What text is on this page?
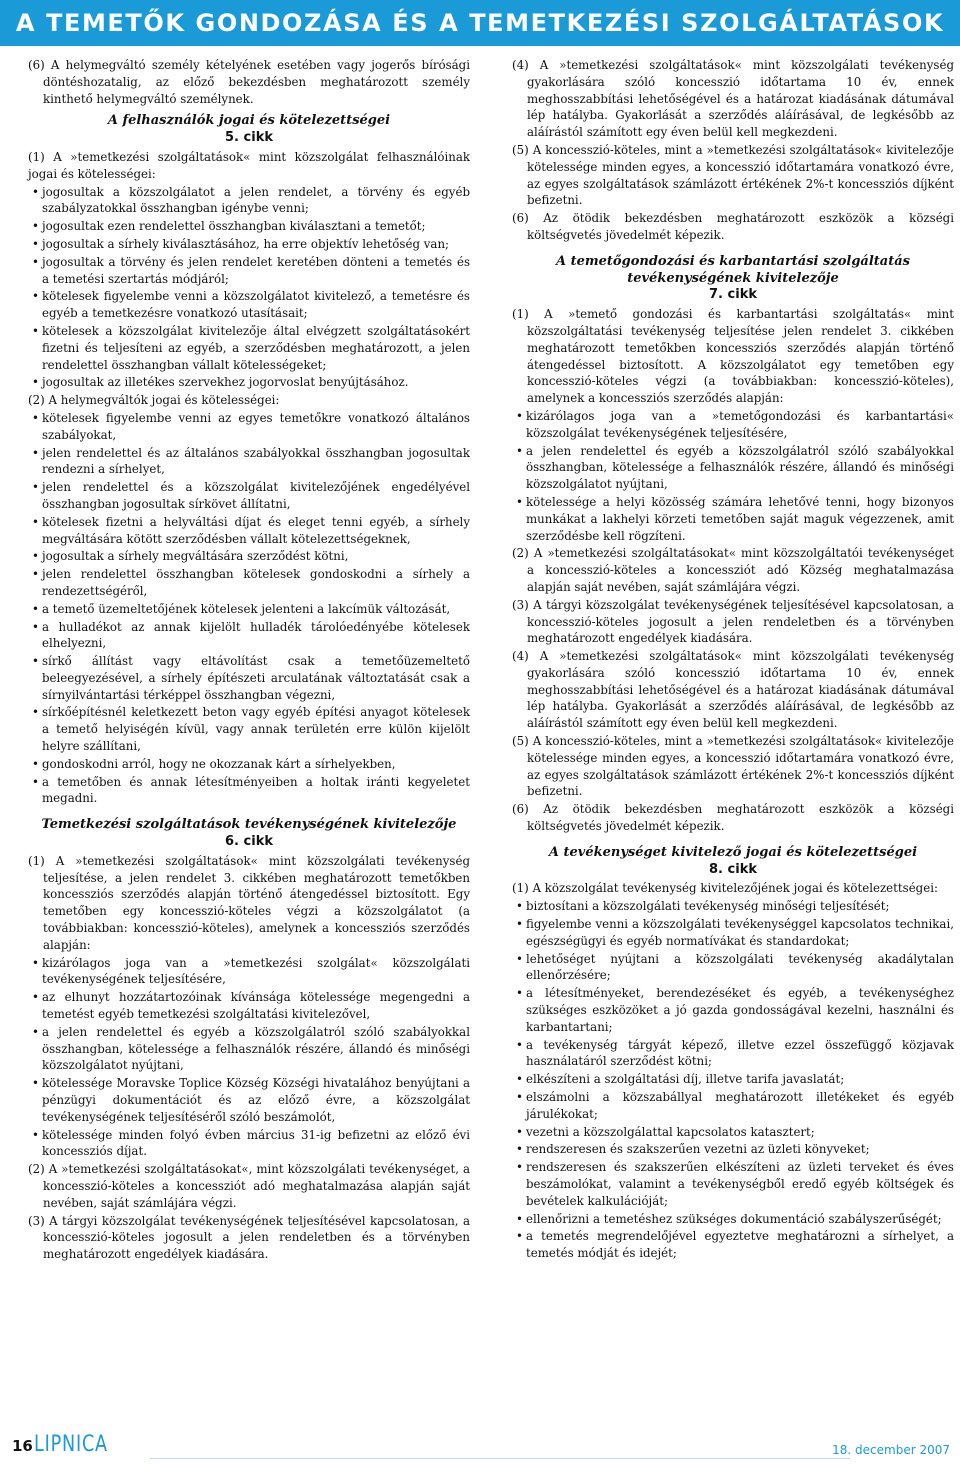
A TEMETŐK GONDOZÁSA ÉS A TEMETKEZÉSI SZOLGÁLTATÁSOK

(6) A helymegváltó személy kételyének esetében vagy jogerős bírósági döntéshozatalig, az előző bekezdésben meghatározott személy kinthető helymegváltó személynek.

A felhasználók jogai és kötelezettségei

5. cikk

(1) A »temetkezési szolgáltatások« mint közszolgálat felhasználóinak jogai és kötelességei:

• jogosultak a közszolgálatot a jelen rendelet, a törvény és egyéb szabályzatokkal összhangban igénybe venni;

• jogosultak ezen rendelettel összhangban kiválasztani a temetőt;

• jogosultak a sírhely kiválasztásához, ha erre objektív lehetőség van;

• jogosultak a törvény és jelen rendelet keretében dönteni a temetés és a temetési szertartás módjáról;

• kötelesek figyelembe venni a közszolgálatot kivitelező, a temetésre és egyéb a temetkezésre vonatkozó utasításait;

• kötelesek a közszolgálat kivitelezője által elvégzett szolgáltatásokért fizetni és teljesíteni az egyéb, a szerződésben meghatározott, a jelen rendelettel összhangban vállalt kötelességeket;

• jogosultak az illetékes szervekhez jogorvoslat benyújtásához.

(2) A helymegváltók jogai és kötelességei:

• kötelesek figyelembe venni az egyes temetőkre vonatkozó általános szabályokat,

• jelen rendelettel és az általános szabályokkal összhangban jogosultak rendezni a sírhelyet,

• jelen rendelettel és a közszolgálat kivitelezőjének engedélyével összhangban jogosultak sírkövet állítatni,

• kötelesek fizetni a helyváltási díjat és eleget tenni egyéb, a sírhely megváltására kötött szerződésben vállalt kötelezettségeknek,

• jogosultak a sírhely megváltására szerződést kötni,

• jelen rendelettel összhangban kötelesek gondoskodni a sírhely a rendezettségéről,

• a temető üzemeltetőjének kötelesek jelenteni a lakcímük változását,

• a hulladékot az annak kijelölt hulladék tárolóedényébe kötelesek elhelyezni,

• sírkő állítást vagy eltávolítást csak a temetőüzemeltető beleegyezésével, a sírhely építészeti arculatának változtatását csak a sírnyilvántartási térképpel összhangban végezni,

• sírkőépítésnél keletkezett beton vagy egyéb építési anyagot kötelesek a temető helyiségén kívül, vagy annak területén erre külön kijelölt helyre szállítani,

• gondoskodni arról, hogy ne okozzanak kárt a sírhelyekben,

• a temetőben és annak létesítményeiben a holtak iránti kegyeletet megadni.

Temetkezési szolgáltatások tevékenységének kivitelezője

6. cikk

(1) A »temetkezési szolgáltatások« mint közszolgálati tevékenység teljesítése, a jelen rendelet 3. cikkében meghatározott temetőkben koncessziós szerződés alapján történő átengedéssel biztosított. Egy temetőben egy koncesszió-köteles végzi a közszolgálatot (a továbbiakban: koncesszió-köteles), amelynek a koncessziós szerződés alapján:

• kizárólagos joga van a »temetkezési szolgálat« közszolgálati tevékenységének teljesítésére,

• az elhunyt hozzátartozóinak kívánsága kötelessége megengedni a temetést egyéb temetkezési szolgáltatási kivitelezővel,

• a jelen rendelettel és egyéb a közszolgálatról szóló szabályokkal összhangban, kötelessége a felhasználók részére, állandó és minőségi közszolgálatot nyújtani,

• kötelessége Moravske Toplice Község Községi hivatalához benyújtani a pénzügyi dokumentációt és az előző évre, a közszolgálat tevékenységének teljesítéséről szóló beszámolót,

• kötelessége minden folyó évben március 31-ig befizetni az előző évi koncessziós díjat.

(2) A »temetkezési szolgáltatásokat«, mint közszolgálati tevékenységet, a koncesszió-köteles a koncessziót adó meghatalmazása alapján saját nevében, saját számlájára végzi.

(3) A tárgyi közszolgálat tevékenységének teljesítésével kapcsolatosan, a koncesszió-köteles jogosult a jelen rendeletben és a törvényben meghatározott engedélyek kiadására.

(4) A »temetkezési szolgáltatások« mint közszolgálati tevékenység gyakorlására szóló koncesszió időtartama 10 év, ennek meghosszabbítási lehetőségével és a határozat kiadásának dátumával lép hatályba. Gyakorlását a szerződés aláírásával, de legkésőbb az aláírástól számított egy éven belül kell megkezdeni.

(5) A koncesszió-köteles, mint a »temetkezési szolgáltatások« kivitelezője kötelessége minden egyes, a koncesszió időtartamára vonatkozó évre, az egyes szolgáltatások számlázott értékének 2%-t koncessziós díjként befizetni.

(6) Az ötödik bekezdésben meghatározott eszközök a községi költségvetés jövedelmét képezik.

A temetőgondozási és karbantartási szolgáltatás tevékenységének kivitelezője

7. cikk

(1) A »temető gondozási és karbantartási szolgáltatás« mint közszolgáltatási tevékenység teljesítése jelen rendelet 3. cikkében meghatározott temetőkben koncessziós szerződés alapján történő átengedéssel biztosított. A közszolgálatot egy temetőben egy koncesszió-köteles végzi (a továbbiakban: koncesszió-köteles), amelynek a koncessziós szerződés alapján:

• kizárólagos joga van a »temetőgondozási és karbantartási« közszolgálat tevékenységének teljesítésére,

• a jelen rendelettel és egyéb a közszolgálatról szóló szabályokkal összhangban, kötelessége a felhasználók részére, állandó és minőségi közszolgálatot nyújtani,

• kötelessége a helyi közösség számára lehetővé tenni, hogy bizonyos munkákat a lakhelyi körzeti temetőben saját maguk végezzenek, amit szerződésbe kell rögzíteni.

(2) A »temetkezési szolgáltatásokat« mint közszolgáltatói tevékenységet a koncesszió-köteles a koncessziót adó Község meghatalmazása alapján saját nevében, saját számlájára végzi.

(3) A tárgyi közszolgálat tevékenységének teljesítésével kapcsolatosan, a koncesszió-köteles jogosult a jelen rendeletben és a törvényben meghatározott engedélyek kiadására.

(4) A »temetkezési szolgáltatások« mint közszolgálati tevékenység gyakorlására szóló koncesszió időtartama 10 év, ennek meghosszabbítási lehetőségével és a határozat kiadásának dátumával lép hatályba. Gyakorlását a szerződés aláírásával, de legkésőbb az aláírástól számított egy éven belül kell megkezdeni.

(5) A koncesszió-köteles, mint a »temetkezési szolgáltatások« kivitelezője kötelessége minden egyes, a koncesszió időtartamára vonatkozó évre, az egyes szolgáltatások számlázott értékének 2%-t koncessziós díjként befizetni.

(6) Az ötödik bekezdésben meghatározott eszközök a községi költségvetés jövedelmét képezik.

A tevékenységet kivitelező jogai és kötelezettségei

8. cikk

(1) A közszolgálat tevékenység kivitelezőjének jogai és kötelezettségei:

• biztosítani a közszolgálati tevékenység minőségi teljesítését;

• figyelembe venni a közszolgálati tevékenységgel kapcsolatos technikai, egészségügyi és egyéb normatívákat és standardokat;

• lehetőséget nyújtani a közszolgálati tevékenység akadálytalan ellenőrzésére;

• a létesítményeket, berendezéséket és egyéb, a tevékenységhez szükséges eszközöket a jó gazda gondosságával kezelni, használni és karbantartani;

• a tevékenység tárgyát képező, illetve ezzel összefüggő közjavak használatáról szerződést kötni;

• elkészíteni a szolgáltatási díj, illetve tarifa javaslatát;

• elszámolni a közszabállyal meghatározott illetékeket és egyéb járulékokat;

• vezetni a közszolgálattal kapcsolatos katasztert;

• rendszeresen és szakszerűen vezetni az üzleti könyveket;

• rendszeresen és szakszerűen elkészíteni az üzleti terveket és éves beszámolókat, valamint a tevékenységből eredő egyéb költségek és bevételek kalkulációját;

• ellenőrizni a temetéshez szükséges dokumentáció szabályszerűségét;

• a temetés megrendelőjével egyeztetve meghatározni a sírhelyet, a temetés módját és idejét;

16 LIPNICA	18. december 2007
